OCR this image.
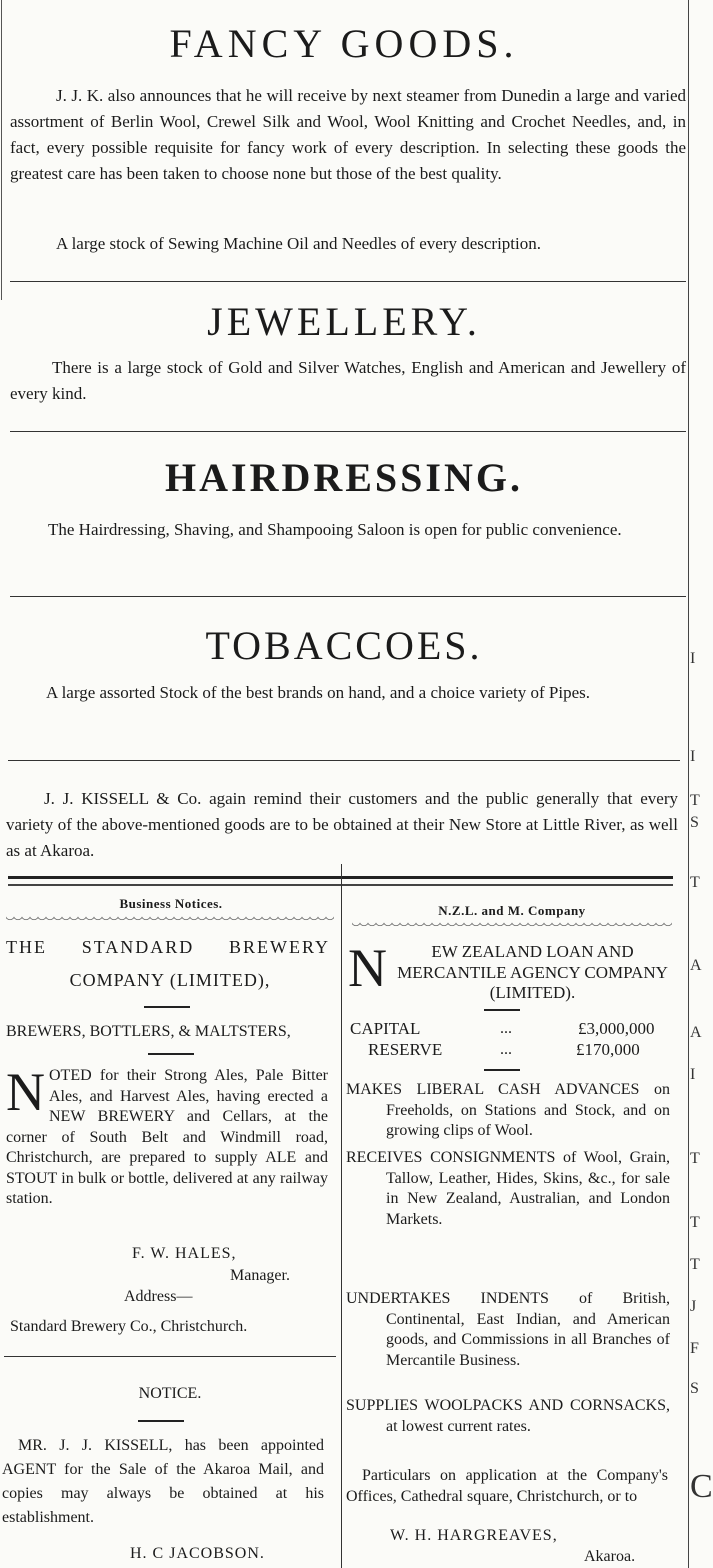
FANCY GOODS.
J. J. K. also announces that he will receive by next steamer from Dunedin a large and varied assortment of Berlin Wool, Crewel Silk and Wool, Wool Knitting and Crochet Needles, and, in fact, every possible requisite for fancy work of every description. In selecting these goods the greatest care has been taken to choose none but those of the best quality.
A large stock of Sewing Machine Oil and Needles of every description.
JEWELLERY.
There is a large stock of Gold and Silver Watches, English and American and Jewellery of every kind.
HAIRDRESSING.
The Hairdressing, Shaving, and Shampooing Saloon is open for public convenience.
TOBACCOES.
A large assorted Stock of the best brands on hand, and a choice variety of Pipes.
J. J. KISSELL & Co. again remind their customers and the public generally that every variety of the above-mentioned goods are to be obtained at their New Store at Little River, as well as at Akaroa.
Business Notices.
THE STANDARD BREWERY
COMPANY (LIMITED),
BREWERS, BOTTLERS, & MALTSTERS,
NOTED for their Strong Ales, Pale Bitter Ales, and Harvest Ales, having erected a NEW BREWERY and Cellars, at the corner of South Belt and Windmill road, Christchurch, are prepared to supply ALE and STOUT in bulk or bottle, delivered at any railway station.
F. W. HALES,
Manager.
Address—
Standard Brewery Co., Christchurch.
NOTICE.
MR. J. J. KISSELL, has been appointed AGENT for the Sale of the Akaroa Mail, and copies may always be obtained at his establishment.
H. C JACOBSON.
N.Z.L. and M. Company
N	EW ZEALAND LOAN AND MERCANTILE AGENCY COMPANY (LIMITED).
CAPITAL	...	£3,000,000
RESERVE	...	£170,000
MAKES LIBERAL CASH ADVANCES on Freeholds, on Stations and Stock, and on growing clips of Wool.
RECEIVES CONSIGNMENTS of Wool, Grain, Tallow, Leather, Hides, Skins, &c., for sale in New Zealand, Australian, and London Markets.
UNDERTAKES INDENTS of British, Continental, East Indian, and American goods, and Commissions in all Branches of Mercantile Business.
SUPPLIES WOOLPACKS AND CORNSACKS, at lowest current rates.
Particulars on application at the Company's Offices, Cathedral square, Christchurch, or to
W. H. HARGREAVES,
Akaroa.
I
I
T
S
T
A
A
I
T
T
T
J
F
S
C
